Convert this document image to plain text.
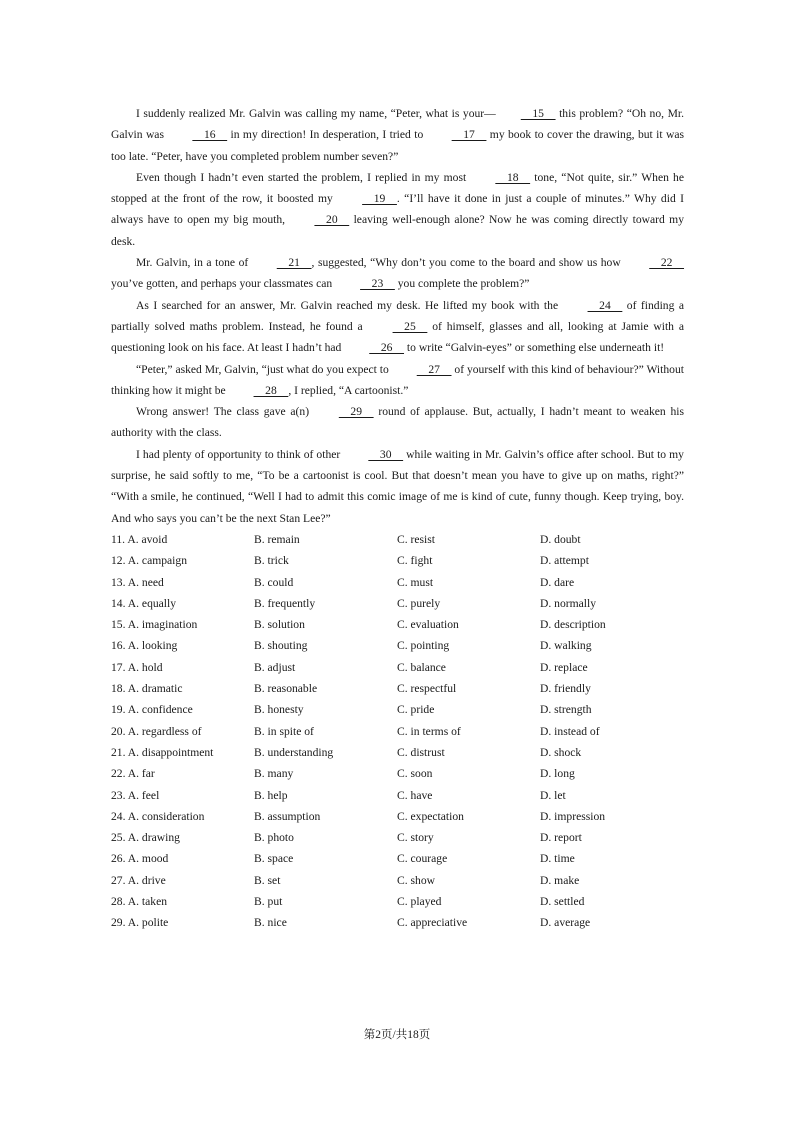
I suddenly realized Mr. Galvin was calling my name, “Peter, what is your—    15     this problem? “Oh no, Mr. Galvin was     16     in my direction! In desperation, I tried to     17     my book to cover the drawing, but it was too late. “Peter, have you completed problem number seven?”

Even though I hadn’t even started the problem, I replied in my most     18     tone, “Not quite, sir.” When he stopped at the front of the row, it boosted my     19    . “I’ll have it done in just a couple of minutes.” Why did I always have to open my big mouth,     20     leaving well-enough alone? Now he was coming directly toward my desk.

Mr. Galvin, in a tone of     21    , suggested, “Why don’t you come to the board and show us how     22     you’ve gotten, and perhaps your classmates can     23     you complete the problem?”

As I searched for an answer, Mr. Galvin reached my desk. He lifted my book with the     24     of finding a partially solved maths problem. Instead, he found a     25     of himself, glasses and all, looking at Jamie with a questioning look on his face. At least I hadn’t had     26     to write “Galvin-eyes” or something else underneath it!

“Peter,” asked Mr, Galvin, “just what do you expect to     27     of yourself with this kind of behaviour?” Without thinking how it might be     28    , I replied, “A cartoonist.”

Wrong answer! The class gave a(n)     29     round of applause. But, actually, I hadn’t meant to weaken his authority with the class.

I had plenty of opportunity to think of other     30     while waiting in Mr. Galvin’s office after school. But to my surprise, he said softly to me, “To be a cartoonist is cool. But that doesn’t mean you have to give up on maths, right?” “With a smile, he continued, “Well I had to admit this comic image of me is kind of cute, funny though. Keep trying, boy. And who says you can’t be the next Stan Lee?”

11. A. avoid	B. remain	C. resist	D. doubt
12. A. campaign	B. trick	C. fight	D. attempt
13. A. need	B. could	C. must	D. dare
14. A. equally	B. frequently	C. purely	D. normally
15. A. imagination	B. solution	C. evaluation	D. description
16. A. looking	B. shouting	C. pointing	D. walking
17. A. hold	B. adjust	C. balance	D. replace
18. A. dramatic	B. reasonable	C. respectful	D. friendly
19. A. confidence	B. honesty	C. pride	D. strength
20. A. regardless of	B. in spite of	C. in terms of	D. instead of
21. A. disappointment	B. understanding	C. distrust	D. shock
22. A. far	B. many	C. soon	D. long
23. A. feel	B. help	C. have	D. let
24. A. consideration	B. assumption	C. expectation	D. impression
25. A. drawing	B. photo	C. story	D. report
26. A. mood	B. space	C. courage	D. time
27. A. drive	B. set	C. show	D. make
28. A. taken	B. put	C. played	D. settled
29. A. polite	B. nice	C. appreciative	D. average
第2页/共18页
